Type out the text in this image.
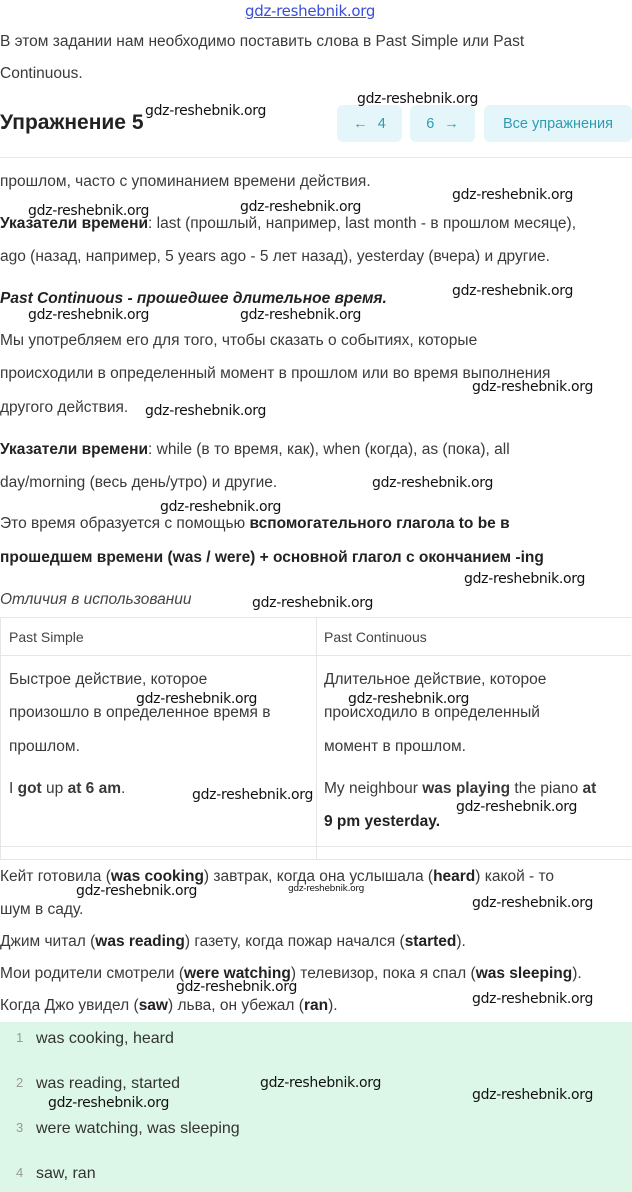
gdz-reshebnik.org
В этом задании нам необходимо поставить слова в Past Simple или Past
Continuous.
Упражнение 5	← 4	6 →	Все упражнения
прошлом, часто с упоминанием времени действия.
Указатели времени: last (прошлый, например, last month - в прошлом месяце),
ago (назад, например, 5 years ago - 5 лет назад), yesterday (вчера) и другие.
Past Continuous - прошедшее длительное время.
Мы употребляем его для того, чтобы сказать о событиях, которые
происходили в определенный момент в прошлом или во время выполнения
другого действия.
Указатели времени: while (в то время, как), when (когда), as (пока), all
day/morning (весь день/утро) и другие.
Это время образуется с помощью вспомогательного глагола to be в
прошедшем времени (was / were) + основной глагол с окончанием -ing
Отличия в использовании
Past Simple	Past Continuous
Быстрое действие, которое
произошло в определенное время в
прошлом.
I got up at 6 am.
Длительное действие, которое
происходило в определенный
момент в прошлом.
My neighbour was playing the piano at
9 pm yesterday.
Кейт готовила (was cooking) завтрак, когда она услышала (heard) какой - то
шум в саду.
Джим читал (was reading) газету, когда пожар начался (started).
Мои родители смотрели (were watching) телевизор, пока я спал (was sleeping).
Когда Джо увидел (saw) льва, он убежал (ran).
1 was cooking, heard
2 was reading, started
3 were watching, was sleeping
4 saw, ran
gdz-reshebnik.org
gdz-reshebnik.org
gdz-reshebnik.org
gdz-reshebnik.org	gdz-reshebnik.org
gdz-reshebnik.org
gdz-reshebnik.org	gdz-reshebnik.org
gdz-reshebnik.org
gdz-reshebnik.org
gdz-reshebnik.org
gdz-reshebnik.org
gdz-reshebnik.org
gdz-reshebnik.org
gdz-reshebnik.org	gdz-reshebnik.org
gdz-reshebnik.org
gdz-reshebnik.org
gdz-reshebnik.org	gdz-reshebnik.org
gdz-reshebnik.org
gdz-reshebnik.org
gdz-reshebnik.org
gdz-reshebnik.org
gdz-reshebnik.org	gdz-reshebnik.org
